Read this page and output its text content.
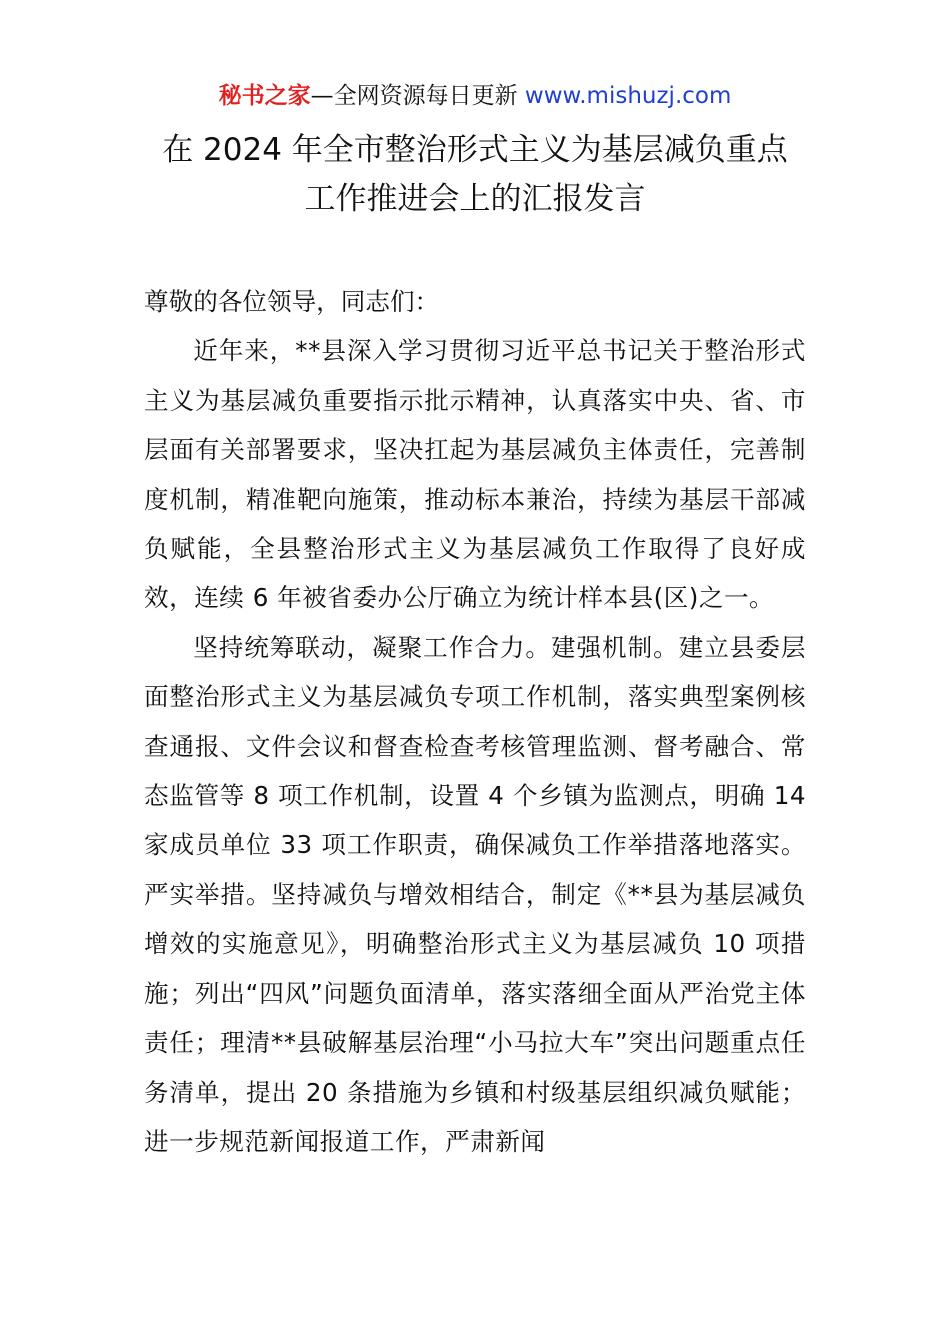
秘书之家—全网资源每日更新 www.mishuzj.com
在 2024 年全市整治形式主义为基层减负重点
工作推进会上的汇报发言

尊敬的各位领导，同志们：

近年来，**县深入学习贯彻习近平总书记关于整治形式主义为基层减负重要指示批示精神，认真落实中央、省、市层面有关部署要求，坚决扛起为基层减负主体责任，完善制度机制，精准靶向施策，推动标本兼治，持续为基层干部减负赋能，全县整治形式主义为基层减负工作取得了良好成效，连续 6 年被省委办公厅确立为统计样本县(区)之一。

坚持统筹联动，凝聚工作合力。建强机制。建立县委层面整治形式主义为基层减负专项工作机制，落实典型案例核查通报、文件会议和督查检查考核管理监测、督考融合、常态监管等 8 项工作机制，设置 4 个乡镇为监测点，明确 14 家成员单位 33 项工作职责，确保减负工作举措落地落实。严实举措。坚持减负与增效相结合，制定《**县为基层减负增效的实施意见》，明确整治形式主义为基层减负 10 项措施；列出“四风”问题负面清单，落实落细全面从严治党主体责任；理清**县破解基层治理“小马拉大车”突出问题重点任务清单，提出 20 条措施为乡镇和村级基层组织减负赋能；进一步规范新闻报道工作，严肃新闻
